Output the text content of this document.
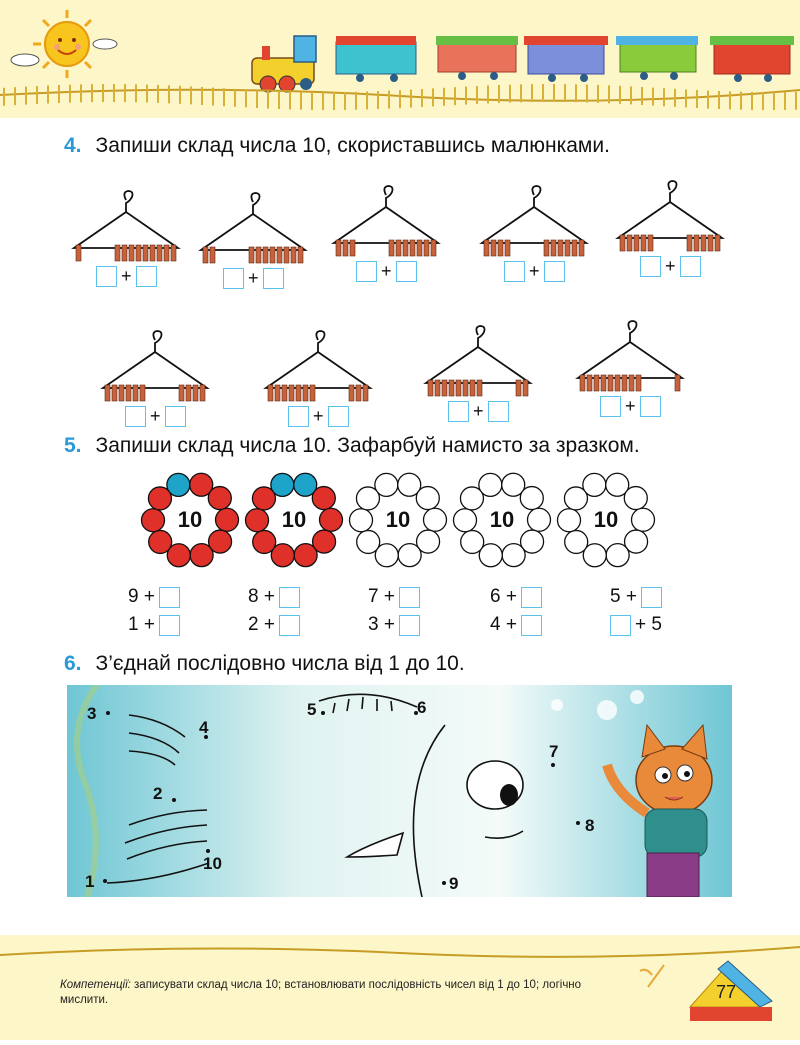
4. Запиши склад числа 10, скориставшись малюнками.
+	+	+	+	+
+	+	+	+
5. Запиши склад числа 10. Зафарбуй намисто за зразком.
10	10	10	10	10
9 +	8 +	7 +	6 +	5 +
1 +	2 +	3 +	4 +	+ 5
6. З’єднай послідовно числа від 1 до 10.
1
2
3
4
5	6
7
8
9
10
Компетенції: записувати склад числа 10; встановлювати послідовність чисел від 1 до 10; логічно мислити.	77
